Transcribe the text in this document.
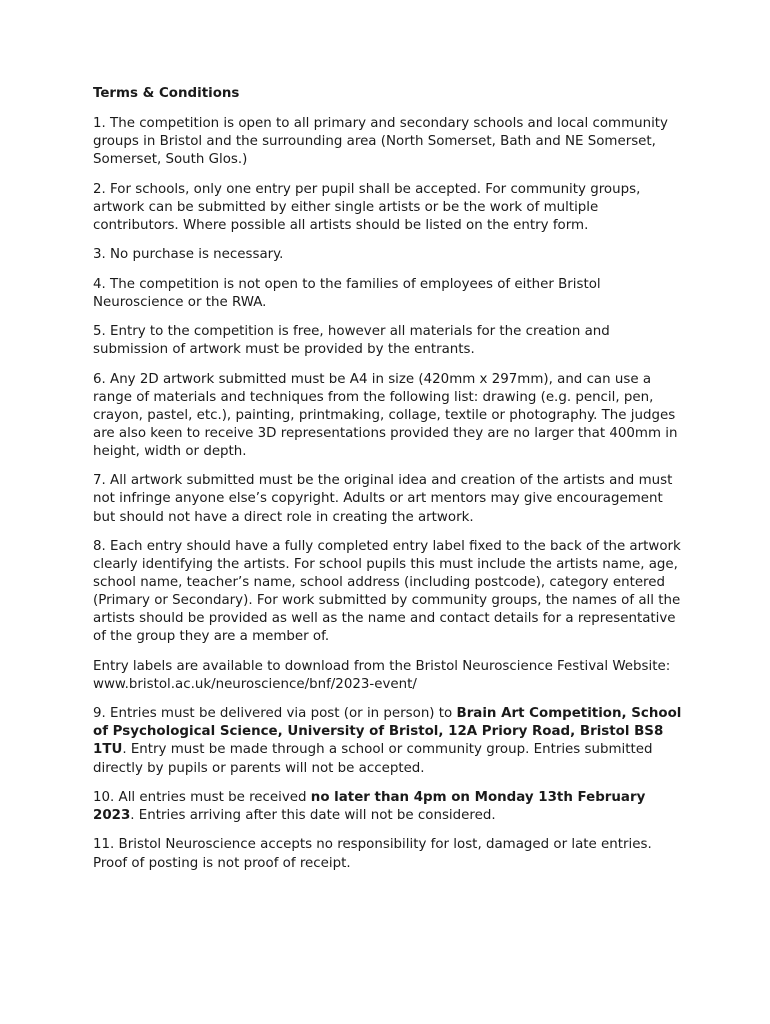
Terms & Conditions

1. The competition is open to all primary and secondary schools and local community groups in Bristol and the surrounding area (North Somerset, Bath and NE Somerset, Somerset, South Glos.)

2. For schools, only one entry per pupil shall be accepted. For community groups, artwork can be submitted by either single artists or be the work of multiple contributors. Where possible all artists should be listed on the entry form.

3. No purchase is necessary.

4. The competition is not open to the families of employees of either Bristol Neuroscience or the RWA.

5. Entry to the competition is free, however all materials for the creation and submission of artwork must be provided by the entrants.

6. Any 2D artwork submitted must be A4 in size (420mm x 297mm), and can use a range of materials and techniques from the following list: drawing (e.g. pencil, pen, crayon, pastel, etc.), painting, printmaking, collage, textile or photography. The judges are also keen to receive 3D representations provided they are no larger that 400mm in height, width or depth.

7. All artwork submitted must be the original idea and creation of the artists and must not infringe anyone else’s copyright. Adults or art mentors may give encouragement but should not have a direct role in creating the artwork.

8. Each entry should have a fully completed entry label fixed to the back of the artwork clearly identifying the artists. For school pupils this must include the artists name, age, school name, teacher’s name, school address (including postcode), category entered (Primary or Secondary). For work submitted by community groups, the names of all the artists should be provided as well as the name and contact details for a representative of the group they are a member of.

Entry labels are available to download from the Bristol Neuroscience Festival Website: www.bristol.ac.uk/neuroscience/bnf/2023-event/

9. Entries must be delivered via post (or in person) to Brain Art Competition, School of Psychological Science, University of Bristol, 12A Priory Road, Bristol BS8 1TU. Entry must be made through a school or community group. Entries submitted directly by pupils or parents will not be accepted.

10. All entries must be received no later than 4pm on Monday 13th February 2023. Entries arriving after this date will not be considered.

11. Bristol Neuroscience accepts no responsibility for lost, damaged or late entries. Proof of posting is not proof of receipt.
